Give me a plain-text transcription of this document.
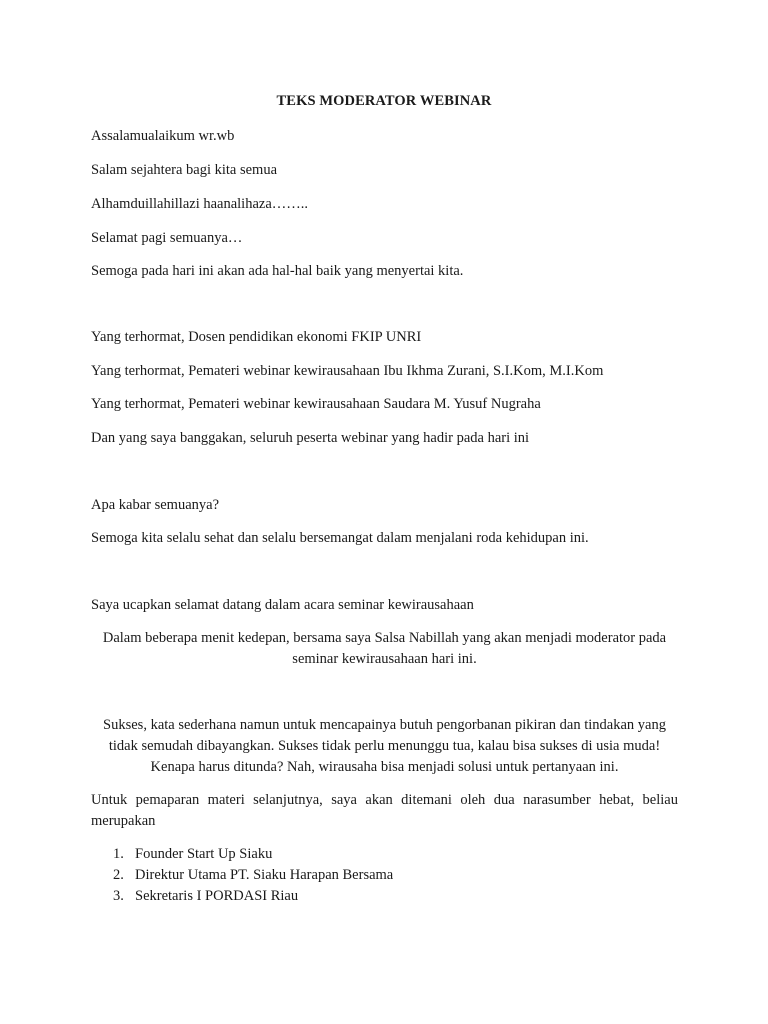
TEKS MODERATOR WEBINAR
Assalamualaikum wr.wb
Salam sejahtera bagi kita semua
Alhamduillahillazi haanalihaza……..
Selamat pagi semuanya…
Semoga pada hari ini akan ada hal-hal baik yang menyertai kita.
Yang terhormat, Dosen pendidikan ekonomi FKIP UNRI
Yang terhormat, Pemateri webinar kewirausahaan Ibu Ikhma Zurani, S.I.Kom, M.I.Kom
Yang terhormat, Pemateri webinar kewirausahaan Saudara M. Yusuf Nugraha
Dan yang saya banggakan, seluruh peserta webinar yang hadir pada hari ini
Apa kabar semuanya?
Semoga kita selalu sehat dan selalu bersemangat dalam menjalani roda kehidupan ini.
Saya ucapkan selamat datang dalam acara seminar kewirausahaan
Dalam beberapa menit kedepan, bersama saya Salsa Nabillah yang akan menjadi moderator pada seminar kewirausahaan hari ini.
Sukses, kata sederhana namun untuk mencapainya butuh pengorbanan pikiran dan tindakan yang tidak semudah dibayangkan. Sukses tidak perlu menunggu tua, kalau bisa sukses di usia muda! Kenapa harus ditunda? Nah, wirausaha bisa menjadi solusi untuk pertanyaan ini.
Untuk pemaparan materi selanjutnya, saya akan ditemani oleh dua narasumber hebat, beliau merupakan
1. Founder Start Up Siaku
2. Direktur Utama PT. Siaku Harapan Bersama
3. Sekretaris I PORDASI Riau
